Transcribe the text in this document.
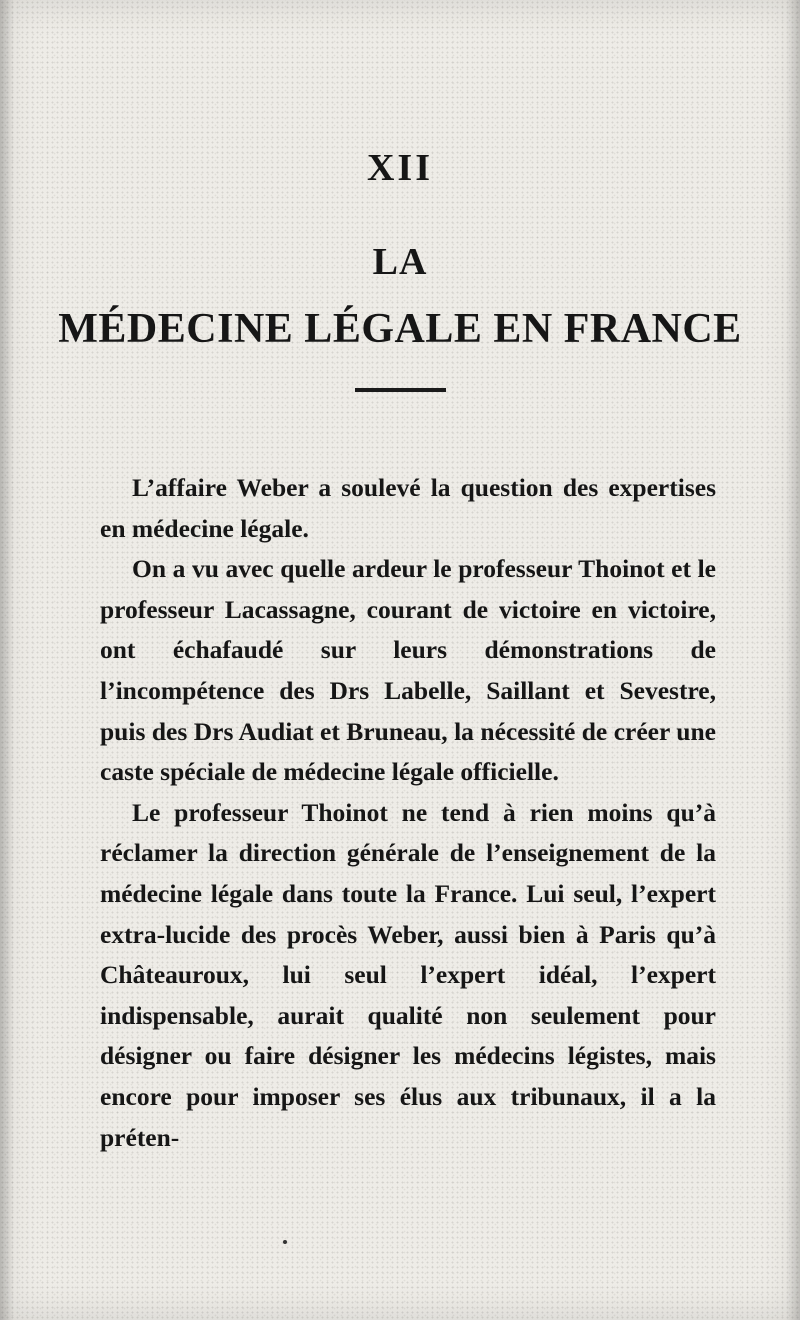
XII
LA
MÉDECINE LÉGALE EN FRANCE

L’affaire Weber a soulevé la question des expertises en médecine légale.

On a vu avec quelle ardeur le professeur Thoinot et le professeur Lacassagne, courant de victoire en victoire, ont échafaudé sur leurs démonstrations de l’incompétence des Drs Labelle, Saillant et Sevestre, puis des Drs Audiat et Bruneau, la nécessité de créer une caste spéciale de médecine légale officielle.

Le professeur Thoinot ne tend à rien moins qu’à réclamer la direction générale de l’enseignement de la médecine légale dans toute la France. Lui seul, l’expert extra-lucide des procès Weber, aussi bien à Paris qu’à Châteauroux, lui seul l’expert idéal, l’expert indispensable, aurait qualité non seulement pour désigner ou faire désigner les médecins légistes, mais encore pour imposer ses élus aux tribunaux, il a la préten-
